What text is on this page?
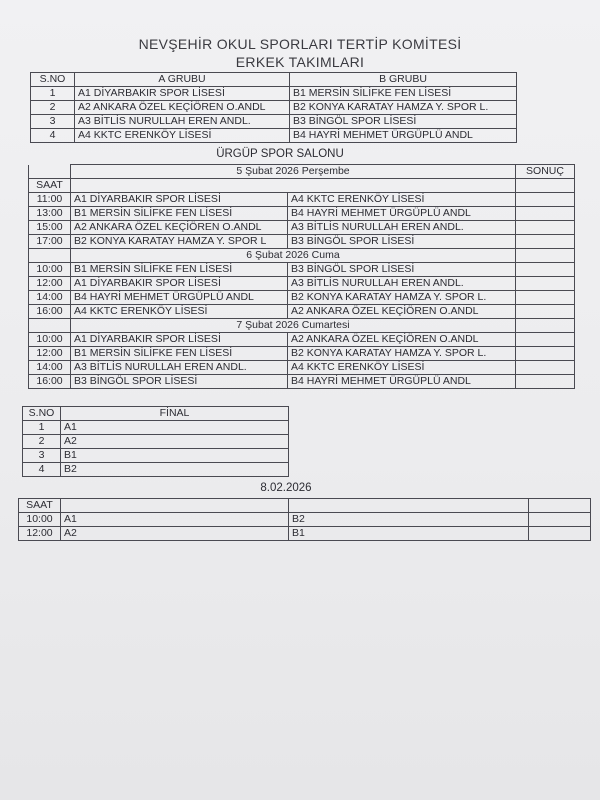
NEVŞEHİR OKUL SPORLARI TERTİP KOMİTESİ
ERKEK TAKIMLARI
S.NO	A GRUBU	B GRUBU
1	A1 DİYARBAKIR SPOR LİSESİ	B1 MERSİN SİLİFKE FEN LİSESİ
2	A2 ANKARA ÖZEL KEÇİÖREN O.ANDL	B2 KONYA KARATAY HAMZA Y. SPOR L.
3	A3 BİTLİS NURULLAH EREN ANDL.	B3 BİNGÖL SPOR LİSESİ
4	A4 KKTC ERENKÖY LİSESİ	B4 HAYRİ MEHMET ÜRGÜPLÜ ANDL
ÜRGÜP SPOR SALONU
	5 Şubat 2026 Perşembe		SONUÇ
SAAT			
11:00	A1 DİYARBAKIR SPOR LİSESİ	A4 KKTC ERENKÖY LİSESİ	
13:00	B1 MERSİN SİLİFKE FEN LİSESİ	B4 HAYRİ MEHMET ÜRGÜPLÜ ANDL	
15:00	A2 ANKARA ÖZEL KEÇİÖREN O.ANDL	A3 BİTLİS NURULLAH EREN ANDL.	
17:00	B2 KONYA KARATAY HAMZA Y. SPOR L	B3 BİNGÖL SPOR LİSESİ	
	6 Şubat 2026 Cuma		
10:00	B1 MERSİN SİLİFKE FEN LİSESİ	B3 BİNGÖL SPOR LİSESİ	
12:00	A1 DİYARBAKIR SPOR LİSESİ	A3 BİTLİS NURULLAH EREN ANDL.	
14:00	B4 HAYRİ MEHMET ÜRGÜPLÜ ANDL	B2 KONYA KARATAY HAMZA Y. SPOR L.	
16:00	A4 KKTC ERENKÖY LİSESİ	A2 ANKARA ÖZEL KEÇİÖREN O.ANDL	
	7 Şubat 2026 Cumartesi		
10:00	A1 DİYARBAKIR SPOR LİSESİ	A2 ANKARA ÖZEL KEÇİÖREN O.ANDL	
12:00	B1 MERSİN SİLİFKE FEN LİSESİ	B2 KONYA KARATAY HAMZA Y. SPOR L.	
14:00	A3 BİTLİS NURULLAH EREN ANDL.	A4 KKTC ERENKÖY LİSESİ	
16:00	B3 BİNGÖL SPOR LİSESİ	B4 HAYRİ MEHMET ÜRGÜPLÜ ANDL	
S.NO	FİNAL
1	A1
2	A2
3	B1
4	B2
8.02.2026
SAAT			
10:00	A1	B2	
12:00	A2	B1	
